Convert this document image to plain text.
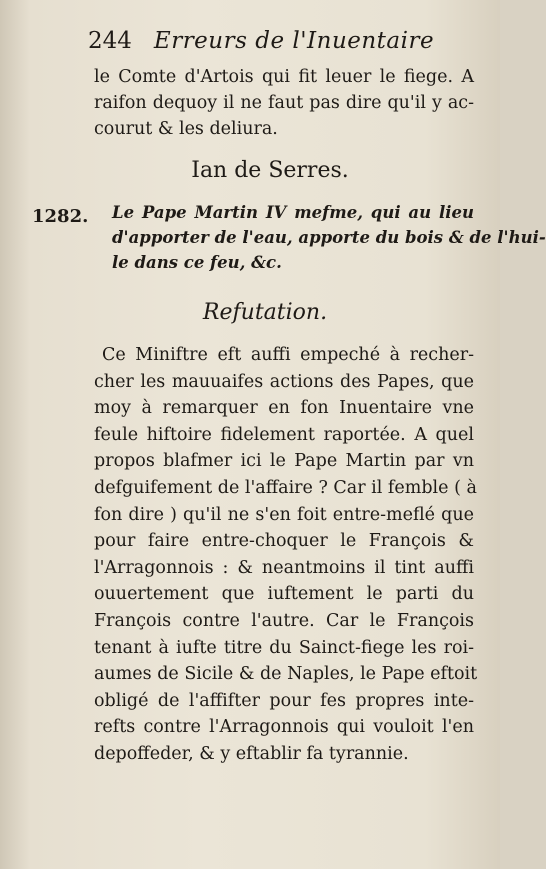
244 Erreurs de l'Inuentaire
le Comte d'Artois qui fit leuer le fiege. A
raifon dequoy il ne faut pas dire qu'il y ac-
courut & les deliura.
Ian de Serres.
1282. Le Pape Martin IV mefme, qui au lieu
d'apporter de l'eau, apporte du bois & de l'hui-
le dans ce feu, &c.
Refutation.
Ce Miniftre eft auffi empeché à recher-
cher les mauuaifes actions des Papes, que
moy à remarquer en fon Inuentaire vne
feule hiftoire fidelement raportée. A quel
propos blafmer ici le Pape Martin par vn
defguifement de l'affaire ? Car il femble ( à
fon dire ) qu'il ne s'en foit entre-meflé que
pour faire entre-choquer le François &
l'Arragonnois : & neantmoins il tint auffi
ouuertement que iuftement le parti du
François contre l'autre. Car le François
tenant à iufte titre du Sainct-fiege les roi-
aumes de Sicile & de Naples, le Pape eftoit
obligé de l'affifter pour fes propres inte-
refts contre l'Arragonnois qui vouloit l'en
depoffeder, & y eftablir fa tyrannie.
